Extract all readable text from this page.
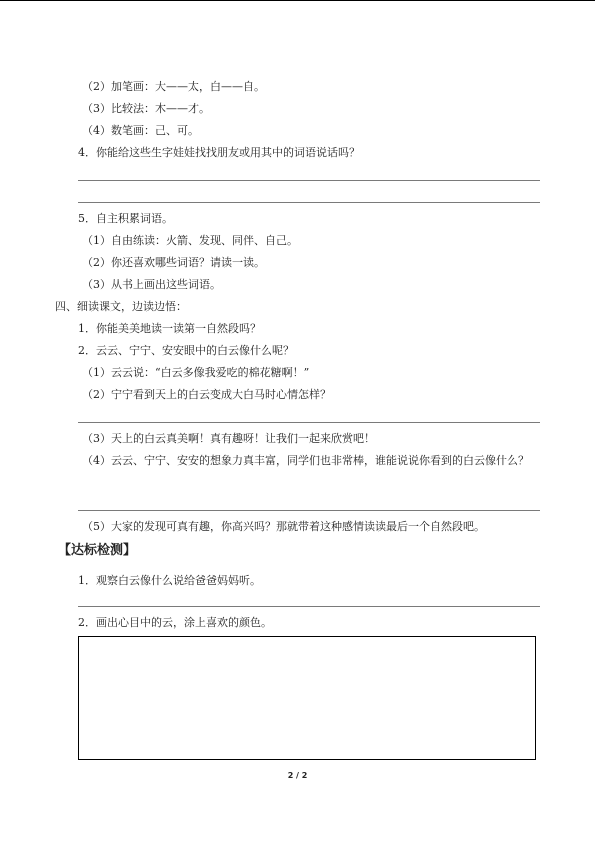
（2）加笔画：大——太，白——自。
（3）比较法：木——才。
（4）数笔画：己、可。
4．你能给这些生字娃娃找找朋友或用其中的词语说话吗？
5．自主积累词语。
（1）自由练读：火箭、发现、同伴、自己。
（2）你还喜欢哪些词语？请读一读。
（3）从书上画出这些词语。
四、细读课文，边读边悟：
1．你能美美地读一读第一自然段吗？
2．云云、宁宁、安安眼中的白云像什么呢？
（1）云云说：“白云多像我爱吃的棉花糖啊！”
（2）宁宁看到天上的白云变成大白马时心情怎样？
（3）天上的白云真美啊！真有趣呀！让我们一起来欣赏吧！
（4）云云、宁宁、安安的想象力真丰富，同学们也非常棒，谁能说说你看到的白云像什么？
（5）大家的发现可真有趣，你高兴吗？那就带着这种感情读读最后一个自然段吧。
【达标检测】
1．观察白云像什么说给爸爸妈妈听。
2．画出心目中的云，涂上喜欢的颜色。
2 / 2
